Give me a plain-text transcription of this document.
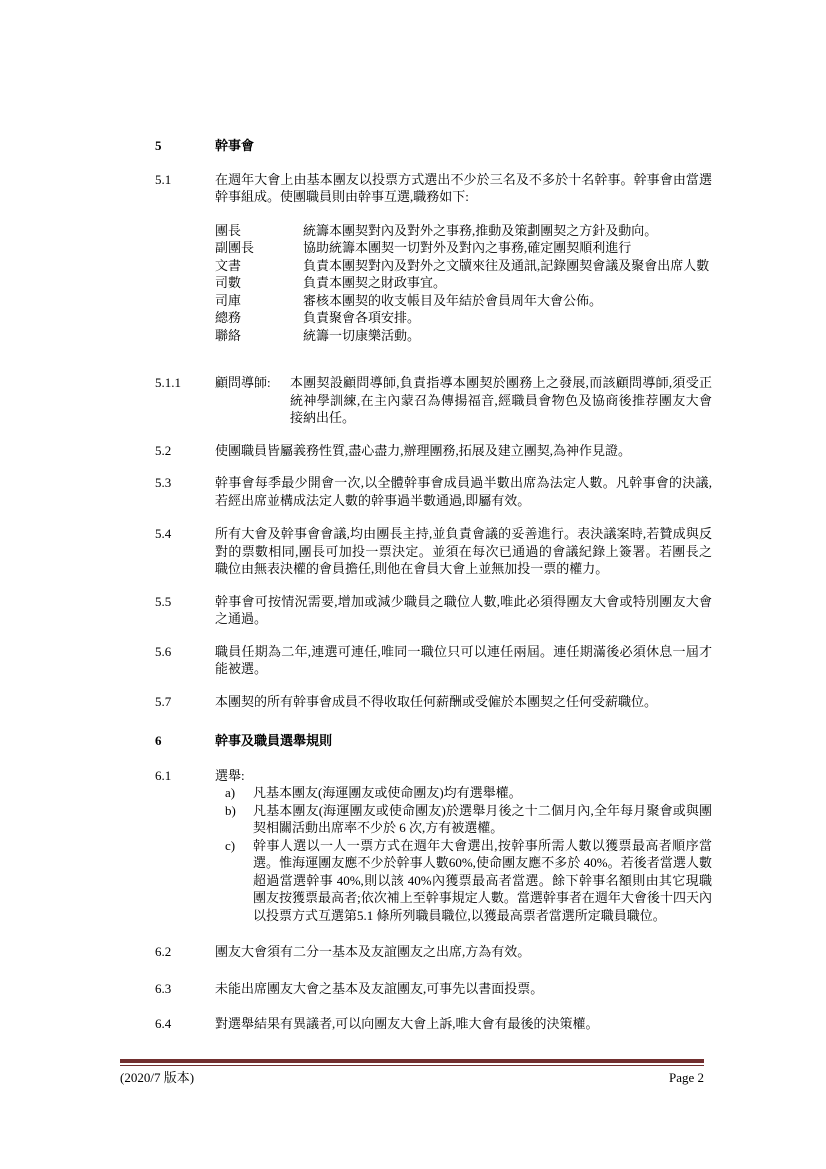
5	幹事會
5.1	在週年大會上由基本團友以投票方式選出不少於三名及不多於十名幹事。幹事會由當選幹事組成。使團職員則由幹事互選,職務如下:

團長	統籌本團契對內及對外之事務,推動及策劃團契之方針及動向。
副團長	協助統籌本團契一切對外及對內之事務,確定團契順利進行
文書	負責本團契對內及對外之文牘來往及通訊,記錄團契會議及聚會出席人數
司數	負責本團契之財政事宜。
司庫	審核本團契的收支帳目及年結於會員周年大會公佈。
總務	負責聚會各項安排。
聯絡	統籌一切康樂活動。
5.1.1	顧問導師:	本團契設顧問導師,負責指導本團契於團務上之發展,而該顧問導師,須受正統神學訓練,在主內蒙召為傳揚福音,經職員會物色及協商後推荐團友大會接納出任。
5.2	使團職員皆屬義務性質,盡心盡力,辦理團務,拓展及建立團契,為神作見證。
5.3	幹事會每季最少開會一次,以全體幹事會成員過半數出席為法定人數。凡幹事會的決議,若經出席並構成法定人數的幹事過半數通過,即屬有效。
5.4	所有大會及幹事會會議,均由團長主持,並負責會議的妥善進行。表決議案時,若贊成與反對的票數相同,團長可加投一票決定。並須在每次已通過的會議紀錄上簽署。若團長之職位由無表決權的會員擔任,則他在會員大會上並無加投一票的權力。
5.5	幹事會可按情況需要,增加或減少職員之職位人數,唯此必須得團友大會或特別團友大會之通過。
5.6	職員任期為二年,連選可連任,唯同一職位只可以連任兩屆。連任期滿後必須休息一屆才能被選。
5.7	本團契的所有幹事會成員不得收取任何薪酬或受僱於本團契之任何受薪職位。
6	幹事及職員選舉規則
6.1	選舉:

a)	凡基本團友(海運團友或使命團友)均有選舉權。
b)	凡基本團友(海運團友或使命團友)於選舉月後之十二個月內,全年每月聚會或與團契相關活動出席率不少於 6 次,方有被選權。
c)	幹事人選以一人一票方式在週年大會選出,按幹事所需人數以獲票最高者順序當選。惟海運團友應不少於幹事人數60%,使命團友應不多於 40%。若後者當選人數超過當選幹事 40%,則以該 40%內獲票最高者當選。餘下幹事名額則由其它現職團友按獲票最高者;依次補上至幹事規定人數。當選幹事者在週年大會後十四天內以投票方式互選第5.1 條所列職員職位,以獲最高票者當選所定職員職位。
6.2	團友大會須有二分一基本及友誼團友之出席,方為有效。
6.3	未能出席團友大會之基本及友誼團友,可事先以書面投票。
6.4	對選舉結果有異議者,可以向團友大會上訴,唯大會有最後的決策權。
(2020/7 版本)	Page 2
